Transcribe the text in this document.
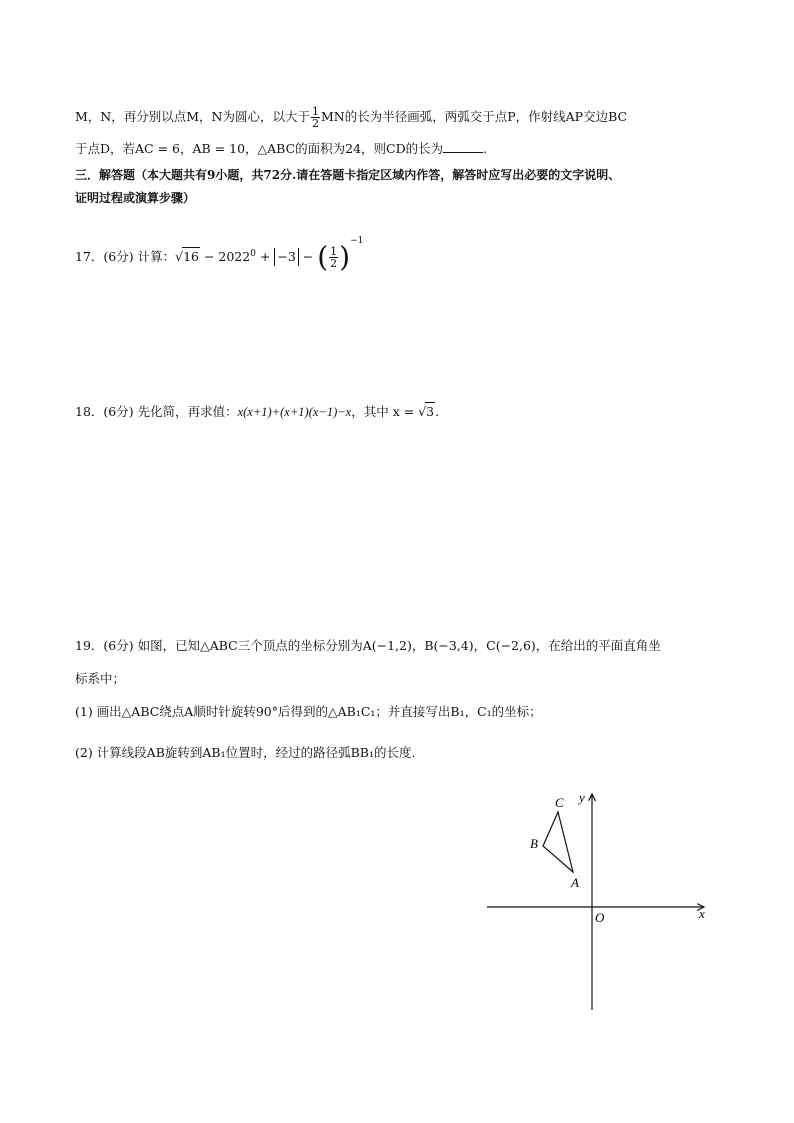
M，N，再分别以点M，N为圆心，以大于 $\frac{1}{2}$ MN的长为半径画弧，两弧交于点P，作射线AP交边BC
于点D，若AC = 6，AB = 10，△ABC的面积为24，则CD的长为	.
三．解答题（本大题共有9小题，共72分.请在答题卡指定区域内作答，解答时应写出必要的文字说明、
证明过程或演算步骤）
17．(6分) 计算：$√16 - 2022^0 + -3$ − ( $\frac{1}{2} )^{-1}$
18．(6分) 先化简，再求值：x(x+1)+(x+1)(x−1)−x，其中 x = √3.
19．(6分) 如图，已知△ABC三个顶点的坐标分别为A(−1,2)，B(−3,4)，C(−2,6)，在给出的平面直角坐
标系中；
(1) 画出△ABC绕点A顺时针旋转90°后得到的△AB₁C₁；并直接写出B₁，C₁的坐标；
(2) 计算线段AB旋转到AB₁位置时，经过的路径弧BB₁的长度.
C
B
A
O	x
y
